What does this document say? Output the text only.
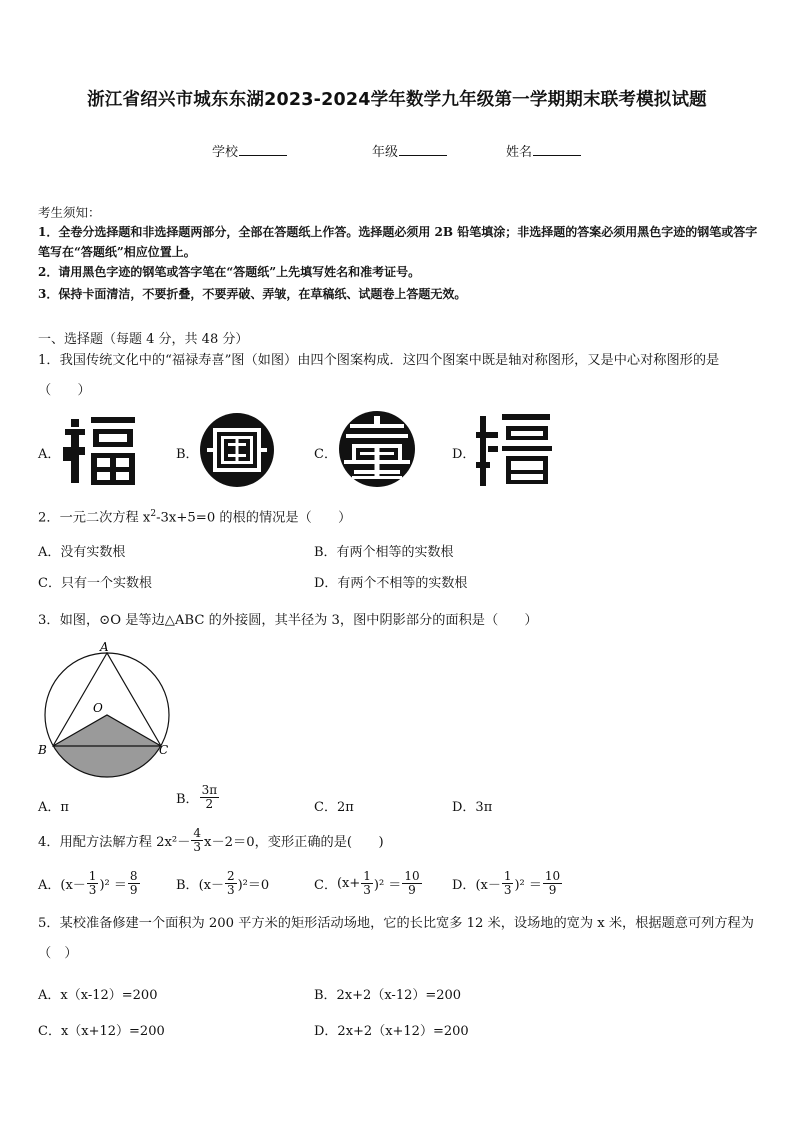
浙江省绍兴市城东东湖2023-2024学年数学九年级第一学期期末联考模拟试题
学校	年级	姓名
考生须知：
1．全卷分选择题和非选择题两部分，全部在答题纸上作答。选择题必须用 2B 铅笔填涂；非选择题的答案必须用黑色字迹的钢笔或答字笔写在“答题纸”相应位置上。
2．请用黑色字迹的钢笔或答字笔在“答题纸”上先填写姓名和准考证号。
3．保持卡面清洁，不要折叠，不要弄破、弄皱，在草稿纸、试题卷上答题无效。
一、选择题（每题 4 分，共 48 分）
1．我国传统文化中的“福禄寿喜”图（如图）由四个图案构成．这四个图案中既是轴对称图形，又是中心对称图形的是（　　）
A．	B．	C．	D．
2．一元二次方程 $x^2-3x+5=0$ 的根的情况是（　　）
A．没有实数根	B．有两个相等的实数根
C．只有一个实数根	D．有两个不相等的实数根
3．如图，⊙O 是等边△ABC 的外接圆，其半径为 3，图中阴影部分的面积是（　　）
A
B	C
O
A．π
B． $\frac{3\pi}{2}$	C．2π	D．3π
4．用配方法解方程 $2x^2- \frac{4}{3} x-2=0$，变形正确的是(　　)
A．$(x- \frac{1}{3} )^2 = \frac{8}{9}$	B．$(x- \frac{2}{3} )^2=0$	C．$(x+ \frac{1}{3} )^2 = \frac{10}{9}$ D．$(x- \frac{1}{3} )^2 = \frac{10}{9}$
5．某校准备修建一个面积为 200 平方米的矩形活动场地，它的长比宽多 12 米，设场地的宽为 x 米，根据题意可列方程为（　）
A．x（x-12）=200	B．2x+2（x-12）=200
C．x（x+12）=200	D．2x+2（x+12）=200
